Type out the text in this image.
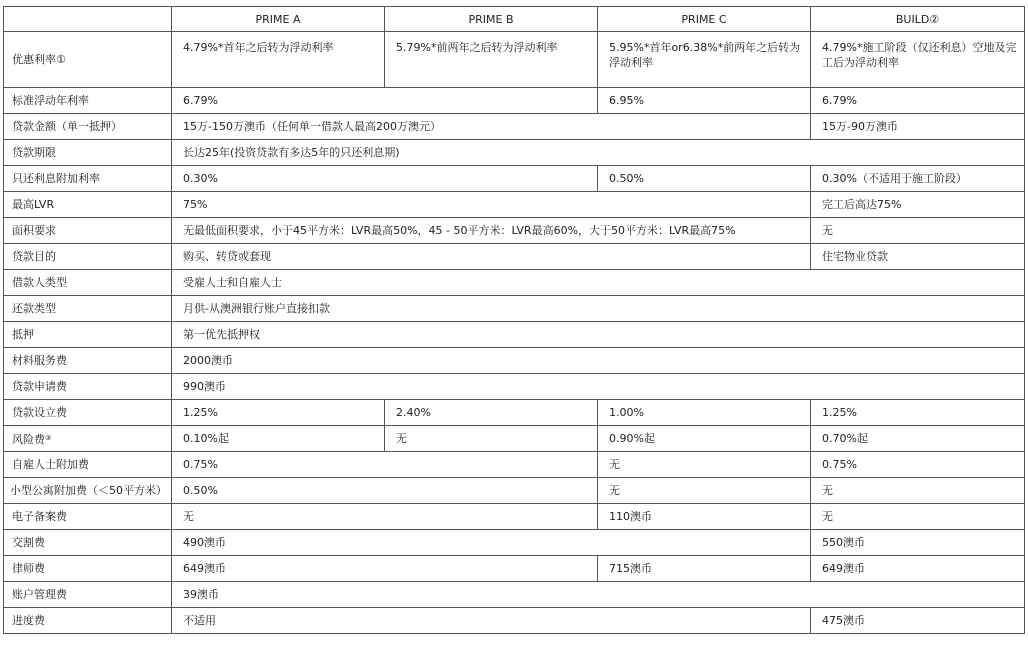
	PRIME A	PRIME B	PRIME C	BUILD②
优惠利率①	4.79%*首年之后转为浮动利率	5.79%*前两年之后转为浮动利率	5.95%*首年or6.38%*前两年之后转为浮动利率	4.79%*施工阶段（仅还利息）空地及完工后为浮动利率
标准浮动年利率	6.79%		6.95%	6.79%
贷款金额（单一抵押）	15万-150万澳币（任何单一借款人最高200万澳元）			15万-90万澳币
贷款期限	长达25年(投资贷款有多达5年的只还利息期)			
只还利息附加利率	0.30%		0.50%	0.30%（不适用于施工阶段）
最高LVR	75%			完工后高达75%
面积要求	无最低面积要求，小于45平方米：LVR最高50%，45 - 50平方米：LVR最高60%，大于50平方米：LVR最高75%			无
贷款目的	购买、转贷或套现			住宅物业贷款
借款人类型	受雇人士和自雇人士			
还款类型	月供-从澳洲银行账户直接扣款			
抵押	第一优先抵押权			
材料服务费	2000澳币			
贷款申请费	990澳币			
贷款设立费	1.25%	2.40%	1.00%	1.25%
风险费③	0.10%起	无	0.90%起	0.70%起
自雇人士附加费	0.75%		无	0.75%
小型公寓附加费（＜50平方米）	0.50%		无	无
电子备案费	无		110澳币	无
交割费	490澳币			550澳币
律师费	649澳币		715澳币	649澳币
账户管理费	39澳币			
进度费	不适用			475澳币
